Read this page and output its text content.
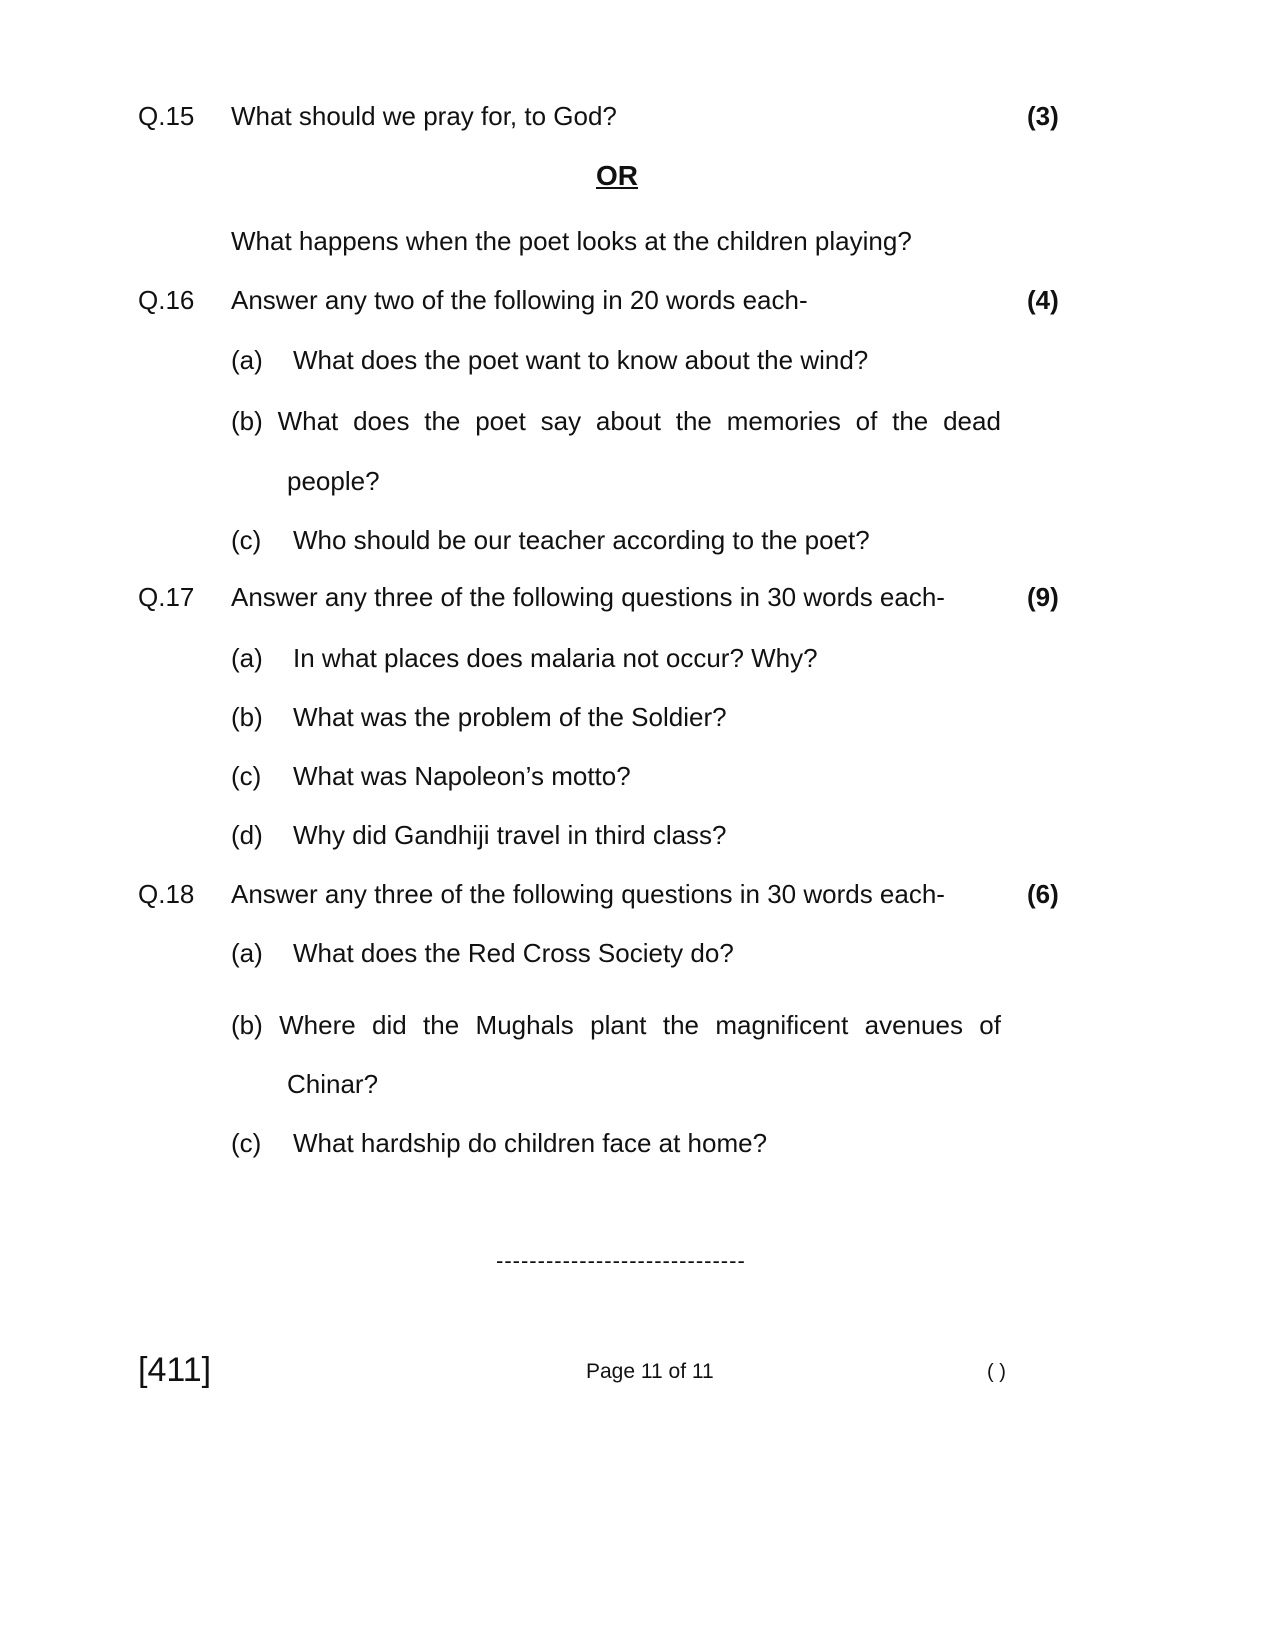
Q.15 What should we pray for, to God?	(3)
OR
What happens when the poet looks at the children playing?
Q.16 Answer any two of the following in 20 words each-	(4)
(a) What does the poet want to know about the wind?
(b) What does the poet say about the memories of the dead
people?
(c) Who should be our teacher according to the poet?
Q.17 Answer any three of the following questions in 30 words each-	(9)
(a) In what places does malaria not occur? Why?
(b) What was the problem of the Soldier?
(c) What was Napoleon’s motto?
(d) Why did Gandhiji travel in third class?
Q.18 Answer any three of the following questions in 30 words each-	(6)
(a) What does the Red Cross Society do?
(b) Where did the Mughals plant the magnificent avenues of
Chinar?
(c) What hardship do children face at home?
------------------------------
[411]	Page 11 of 11	( )
